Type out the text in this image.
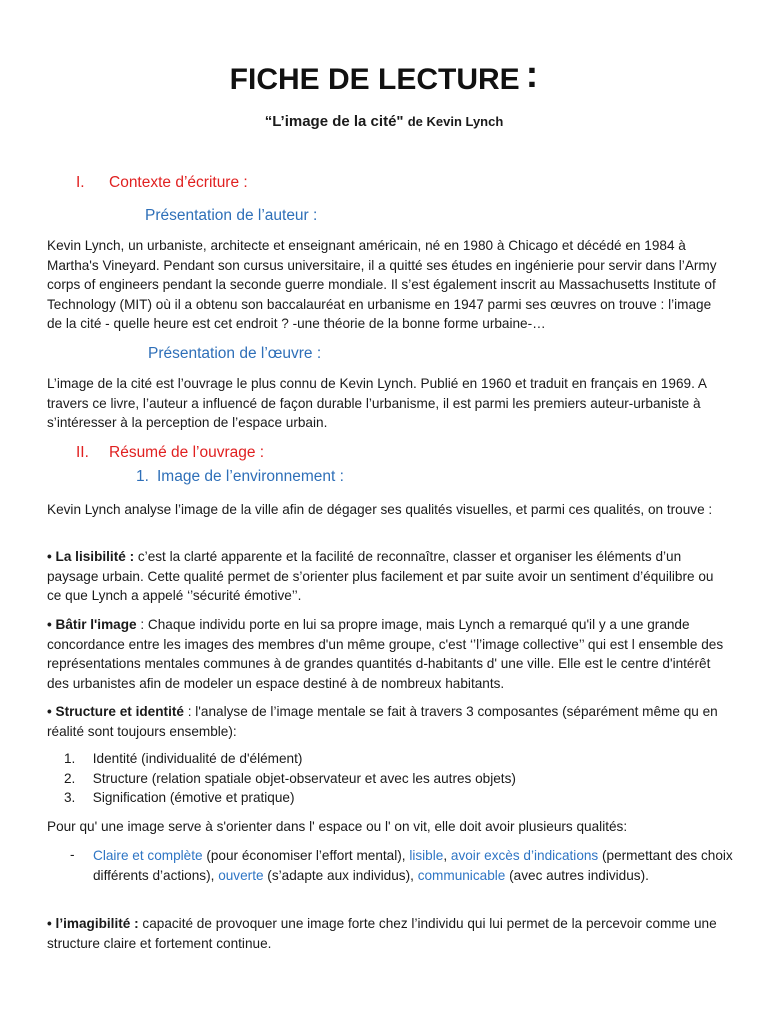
FICHE DE LECTURE :
“L’image de la cité" de Kevin Lynch
I. Contexte d’écriture :
Présentation de l’auteur :
Kevin Lynch, un urbaniste, architecte et enseignant américain, né en 1980 à Chicago et décédé en 1984 à Martha's Vineyard. Pendant son cursus universitaire, il a quitté ses études en ingénierie pour servir dans l’Army corps of engineers pendant la seconde guerre mondiale. Il s’est également inscrit au Massachusetts Institute of Technology (MIT) où il a obtenu son baccalauréat en urbanisme en 1947 parmi ses œuvres on trouve : l’image de la cité - quelle heure est cet endroit ? -une théorie de la bonne forme urbaine-…
Présentation de l’œuvre :
L’image de la cité est l’ouvrage le plus connu de Kevin Lynch. Publié en 1960 et traduit en français en 1969. A travers ce livre, l’auteur a influencé de façon durable l’urbanisme, il est parmi les premiers auteur-urbaniste à s’intéresser à la perception de l’espace urbain.
II. Résumé de l’ouvrage :
1. Image de l’environnement :
Kevin Lynch analyse l’image de la ville afin de dégager ses qualités visuelles, et parmi ces qualités, on trouve :
• La lisibilité : c’est la clarté apparente et la facilité de reconnaître, classer et organiser les éléments d’un paysage urbain. Cette qualité permet de s’orienter plus facilement et par suite avoir un sentiment d’équilibre ou ce que Lynch a appelé ‘’sécurité émotive’’.
• Bâtir l'image : Chaque individu porte en lui sa propre image, mais Lynch a remarqué qu'il y a une grande concordance entre les images des membres d'un même groupe, c'est ‘’l’image collective’’ qui est l ensemble des représentations mentales communes à de grandes quantités d-habitants d' une ville. Elle est le centre d'intérêt des urbanistes afin de modeler un espace destiné à de nombreux habitants.
• Structure et identité : l'analyse de l’image mentale se fait à travers 3 composantes (séparément même qu en réalité sont toujours ensemble):
1. Identité (individualité de d'élément)
2. Structure (relation spatiale objet-observateur et avec les autres objets)
3. Signification (émotive et pratique)
Pour qu' une image serve à s'orienter dans l' espace ou l' on vit, elle doit avoir plusieurs qualités:
- Claire et complète (pour économiser l’effort mental), lisible, avoir excès d’indications (permettant des choix différents d’actions), ouverte (s’adapte aux individus), communicable (avec autres individus).
• l’imagibilité : capacité de provoquer une image forte chez l’individu qui lui permet de la percevoir comme une structure claire et fortement continue.
